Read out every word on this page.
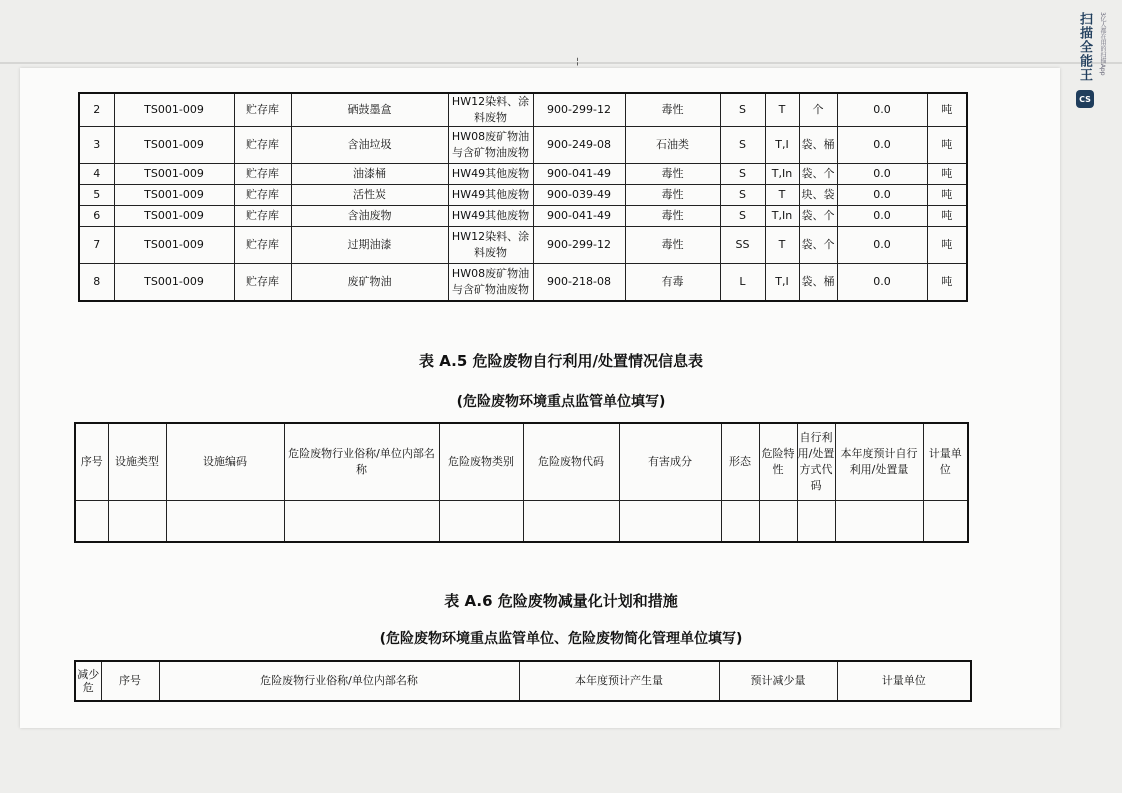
¦
2	TS001-009	贮存库	硒鼓墨盒	HW12染料、涂料废物	900-299-12	毒性	S	T	个	0.0	吨
3	TS001-009	贮存库	含油垃圾	HW08废矿物油与含矿物油废物	900-249-08	石油类	S	T,I	袋、桶	0.0	吨
4	TS001-009	贮存库	油漆桶	HW49其他废物	900-041-49	毒性	S	T,In	袋、个	0.0	吨
5	TS001-009	贮存库	活性炭	HW49其他废物	900-039-49	毒性	S	T	块、袋	0.0	吨
6	TS001-009	贮存库	含油废物	HW49其他废物	900-041-49	毒性	S	T,In	袋、个	0.0	吨
7	TS001-009	贮存库	过期油漆	HW12染料、涂料废物	900-299-12	毒性	SS	T	袋、个	0.0	吨
8	TS001-009	贮存库	废矿物油	HW08废矿物油与含矿物油废物	900-218-08	有毒	L	T,I	袋、桶	0.0	吨
表 A.5 危险废物自行利用/处置情况信息表
(危险废物环境重点监管单位填写)
序号	设施类型	设施编码	危险废物行业俗称/单位内部名称	危险废物类别	危险废物代码	有害成分	形态	危险特性	自行利用/处置方式代码	本年度预计自行利用/处置量	计量单位

表 A.6 危险废物减量化计划和措施
(危险废物环境重点监管单位、危险废物简化管理单位填写)
减少危	序号	危险废物行业俗称/单位内部名称	本年度预计产生量	预计减少量	计量单位
CS
扫描全能王	3亿人都在用的扫描App
